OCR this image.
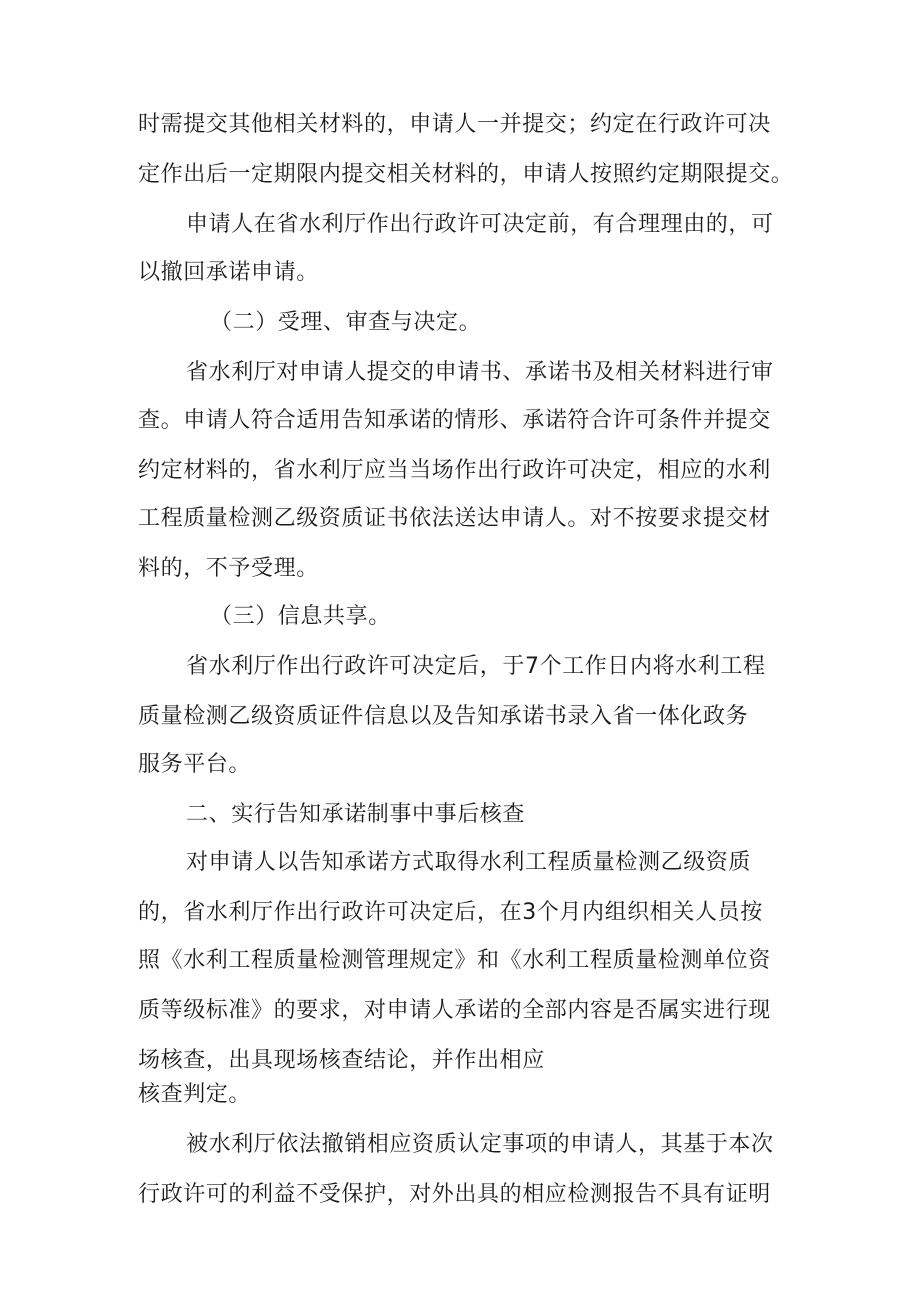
时需提交其他相关材料的，申请人一并提交；约定在行政许可决
定作出后一定期限内提交相关材料的，申请人按照约定期限提交。
申请人在省水利厅作出行政许可决定前，有合理理由的，可
以撤回承诺申请。
（二）受理、审查与决定。
省水利厅对申请人提交的申请书、承诺书及相关材料进行审
查。申请人符合适用告知承诺的情形、承诺符合许可条件并提交
约定材料的，省水利厅应当当场作出行政许可决定，相应的水利
工程质量检测乙级资质证书依法送达申请人。对不按要求提交材
料的，不予受理。
（三）信息共享。
省水利厅作出行政许可决定后，于7个工作日内将水利工程
质量检测乙级资质证件信息以及告知承诺书录入省一体化政务
服务平台。
二、实行告知承诺制事中事后核查
对申请人以告知承诺方式取得水利工程质量检测乙级资质
的，省水利厅作出行政许可决定后，在3个月内组织相关人员按
照《水利工程质量检测管理规定》和《水利工程质量检测单位资
质等级标准》的要求，对申请人承诺的全部内容是否属实进行现
场核查，出具现场核查结论，并作出相应
核查判定。
被水利厅依法撤销相应资质认定事项的申请人，其基于本次
行政许可的利益不受保护，对外出具的相应检测报告不具有证明
